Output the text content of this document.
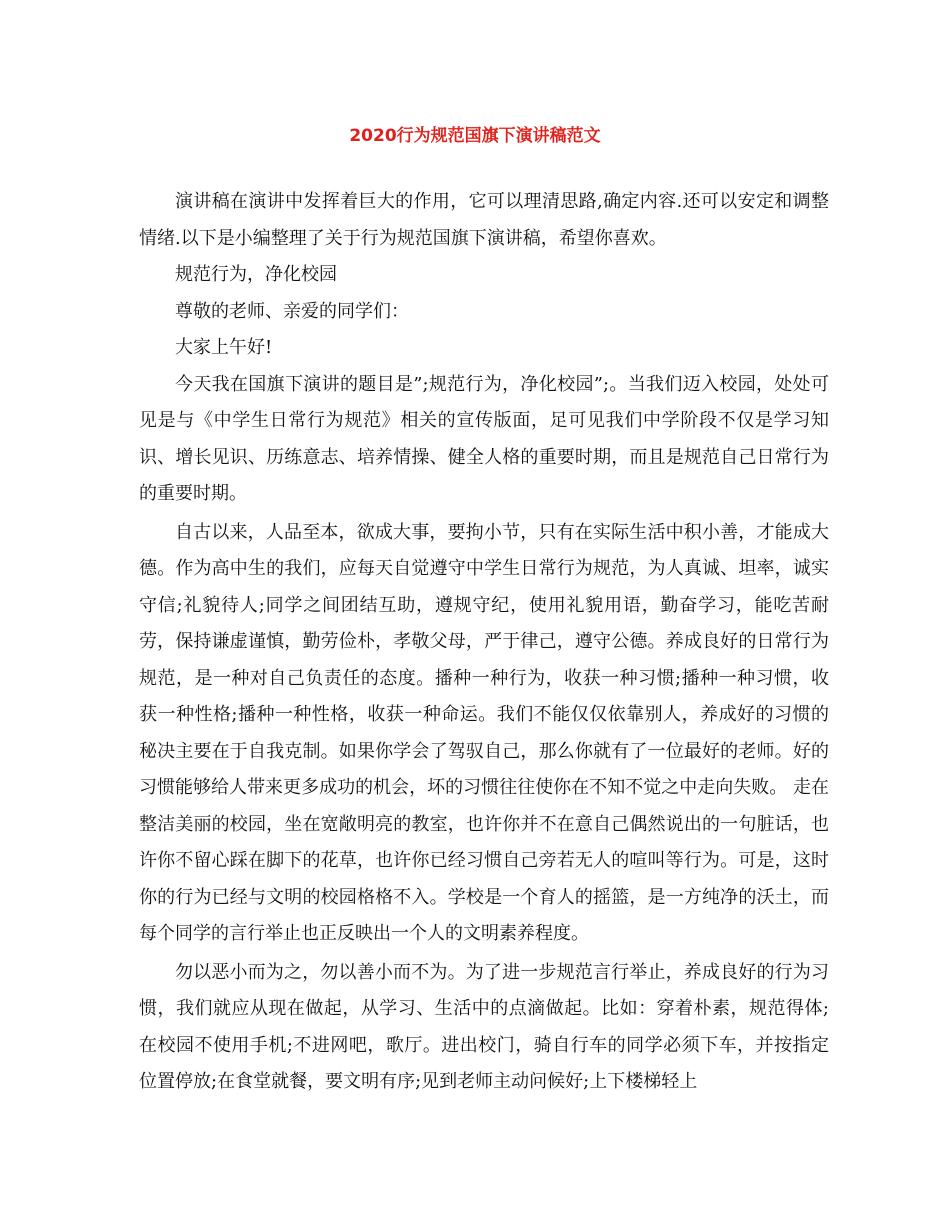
2020行为规范国旗下演讲稿范文

演讲稿在演讲中发挥着巨大的作用，它可以理清思路,确定内容.还可以安定和调整情绪.以下是小编整理了关于行为规范国旗下演讲稿，希望你喜欢。

规范行为，净化校园

尊敬的老师、亲爱的同学们：

大家上午好!

今天我在国旗下演讲的题目是”;规范行为，净化校园”;。当我们迈入校园，处处可见是与《中学生日常行为规范》相关的宣传版面，足可见我们中学阶段不仅是学习知识、增长见识、历练意志、培养情操、健全人格的重要时期，而且是规范自己日常行为的重要时期。

自古以来，人品至本，欲成大事，要拘小节，只有在实际生活中积小善，才能成大德。作为高中生的我们，应每天自觉遵守中学生日常行为规范，为人真诚、坦率，诚实守信;礼貌待人;同学之间团结互助，遵规守纪，使用礼貌用语，勤奋学习，能吃苦耐劳，保持谦虚谨慎，勤劳俭朴，孝敬父母，严于律己，遵守公德。养成良好的日常行为规范，是一种对自己负责任的态度。播种一种行为，收获一种习惯;播种一种习惯，收获一种性格;播种一种性格，收获一种命运。我们不能仅仅依靠别人，养成好的习惯的秘决主要在于自我克制。如果你学会了驾驭自己，那么你就有了一位最好的老师。好的习惯能够给人带来更多成功的机会，坏的习惯往往使你在不知不觉之中走向失败。 走在整洁美丽的校园，坐在宽敞明亮的教室，也许你并不在意自己偶然说出的一句脏话，也许你不留心踩在脚下的花草，也许你已经习惯自己旁若无人的喧叫等行为。可是，这时你的行为已经与文明的校园格格不入。学校是一个育人的摇篮，是一方纯净的沃土，而每个同学的言行举止也正反映出一个人的文明素养程度。

勿以恶小而为之，勿以善小而不为。为了进一步规范言行举止，养成良好的行为习惯，我们就应从现在做起，从学习、生活中的点滴做起。比如：穿着朴素，规范得体;在校园不使用手机;不进网吧，歌厅。进出校门，骑自行车的同学必须下车，并按指定位置停放;在食堂就餐，要文明有序;见到老师主动问候好;上下楼梯轻上
